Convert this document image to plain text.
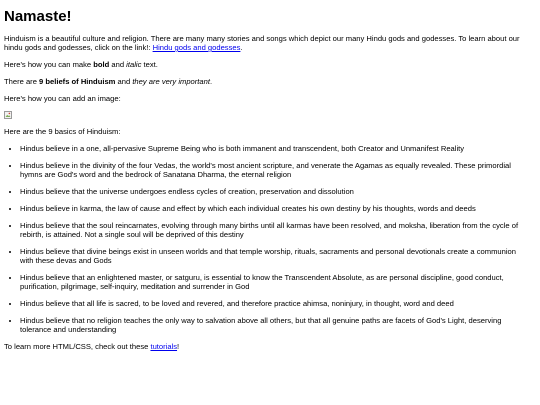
Namaste!

Hinduism is a beautiful culture and religion. There are many many stories and songs which depict our many Hindu gods and godesses. To learn about our hindu gods and godesses, click on the link!: Hindu gods and godesses.

Here's how you can make bold and italic text.

There are 9 beliefs of Hinduism and they are very important.

Here's how you can add an image:

Here are the 9 basics of Hinduism:

• Hindus believe in a one, all-pervasive Supreme Being who is both immanent and transcendent, both Creator and Unmanifest Reality
• Hindus believe in the divinity of the four Vedas, the world's most ancient scripture, and venerate the Agamas as equally revealed. These primordial hymns are God's word and the bedrock of Sanatana Dharma, the eternal religion
• Hindus believe that the universe undergoes endless cycles of creation, preservation and dissolution
• Hindus believe in karma, the law of cause and effect by which each individual creates his own destiny by his thoughts, words and deeds
• Hindus believe that the soul reincarnates, evolving through many births until all karmas have been resolved, and moksha, liberation from the cycle of rebirth, is attained. Not a single soul will be deprived of this destiny
• Hindus believe that divine beings exist in unseen worlds and that temple worship, rituals, sacraments and personal devotionals create a communion with these devas and Gods
• Hindus believe that an enlightened master, or satguru, is essential to know the Transcendent Absolute, as are personal discipline, good conduct, purification, pilgrimage, self-inquiry, meditation and surrender in God
• Hindus believe that all life is sacred, to be loved and revered, and therefore practice ahimsa, noninjury, in thought, word and deed
• Hindus believe that no religion teaches the only way to salvation above all others, but that all genuine paths are facets of God's Light, deserving tolerance and understanding

To learn more HTML/CSS, check out these tutorials!
